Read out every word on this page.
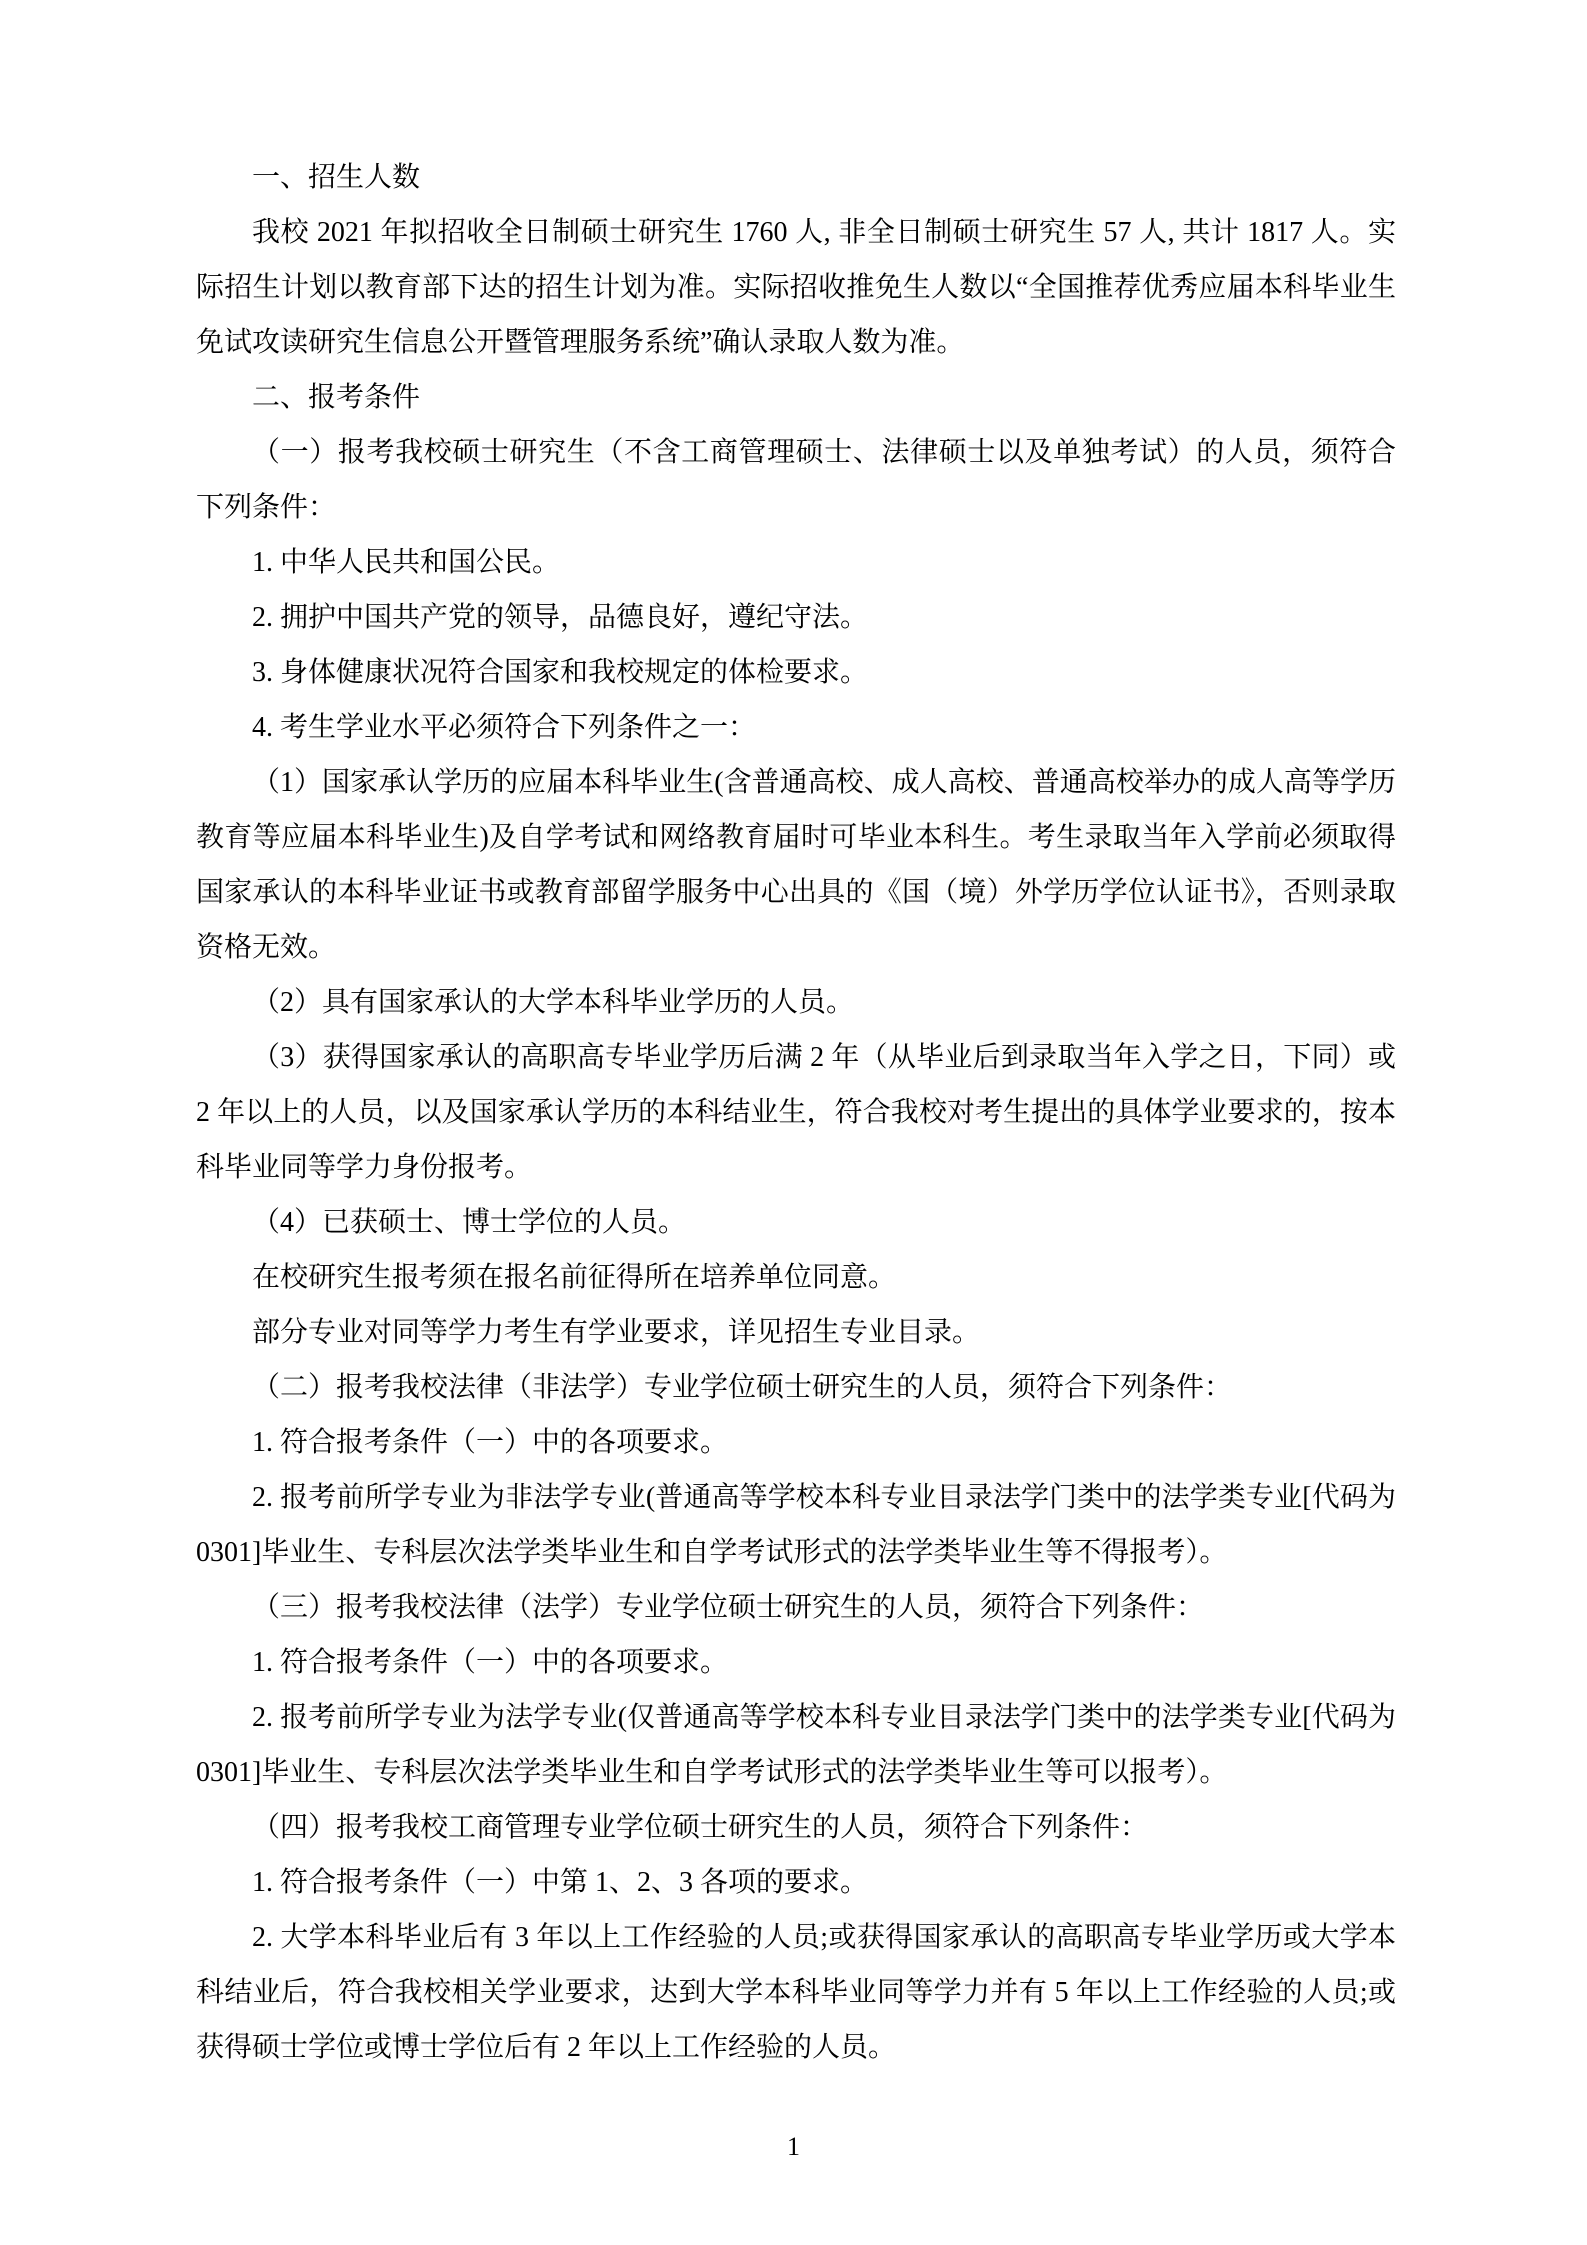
一、招生人数

我校 2021 年拟招收全日制硕士研究生 1760 人, 非全日制硕士研究生 57 人, 共计 1817 人。实际招生计划以教育部下达的招生计划为准。实际招收推免生人数以“全国推荐优秀应届本科毕业生免试攻读研究生信息公开暨管理服务系统”确认录取人数为准。

二、报考条件

（一）报考我校硕士研究生（不含工商管理硕士、法律硕士以及单独考试）的人员，须符合下列条件：

1. 中华人民共和国公民。

2. 拥护中国共产党的领导，品德良好，遵纪守法。

3. 身体健康状况符合国家和我校规定的体检要求。

4. 考生学业水平必须符合下列条件之一：

（1）国家承认学历的应届本科毕业生(含普通高校、成人高校、普通高校举办的成人高等学历教育等应届本科毕业生)及自学考试和网络教育届时可毕业本科生。考生录取当年入学前必须取得国家承认的本科毕业证书或教育部留学服务中心出具的《国（境）外学历学位认证书》，否则录取资格无效。

（2）具有国家承认的大学本科毕业学历的人员。

（3）获得国家承认的高职高专毕业学历后满 2 年（从毕业后到录取当年入学之日，下同）或 2 年以上的人员，以及国家承认学历的本科结业生，符合我校对考生提出的具体学业要求的，按本科毕业同等学力身份报考。

（4）已获硕士、博士学位的人员。

在校研究生报考须在报名前征得所在培养单位同意。

部分专业对同等学力考生有学业要求，详见招生专业目录。

（二）报考我校法律（非法学）专业学位硕士研究生的人员，须符合下列条件：

1. 符合报考条件（一）中的各项要求。

2. 报考前所学专业为非法学专业(普通高等学校本科专业目录法学门类中的法学类专业[代码为 0301]毕业生、专科层次法学类毕业生和自学考试形式的法学类毕业生等不得报考）。

（三）报考我校法律（法学）专业学位硕士研究生的人员，须符合下列条件：

1. 符合报考条件（一）中的各项要求。

2. 报考前所学专业为法学专业(仅普通高等学校本科专业目录法学门类中的法学类专业[代码为 0301]毕业生、专科层次法学类毕业生和自学考试形式的法学类毕业生等可以报考）。

（四）报考我校工商管理专业学位硕士研究生的人员，须符合下列条件：

1. 符合报考条件（一）中第 1、2、3 各项的要求。

2. 大学本科毕业后有 3 年以上工作经验的人员;或获得国家承认的高职高专毕业学历或大学本科结业后，符合我校相关学业要求，达到大学本科毕业同等学力并有 5 年以上工作经验的人员;或获得硕士学位或博士学位后有 2 年以上工作经验的人员。

1
